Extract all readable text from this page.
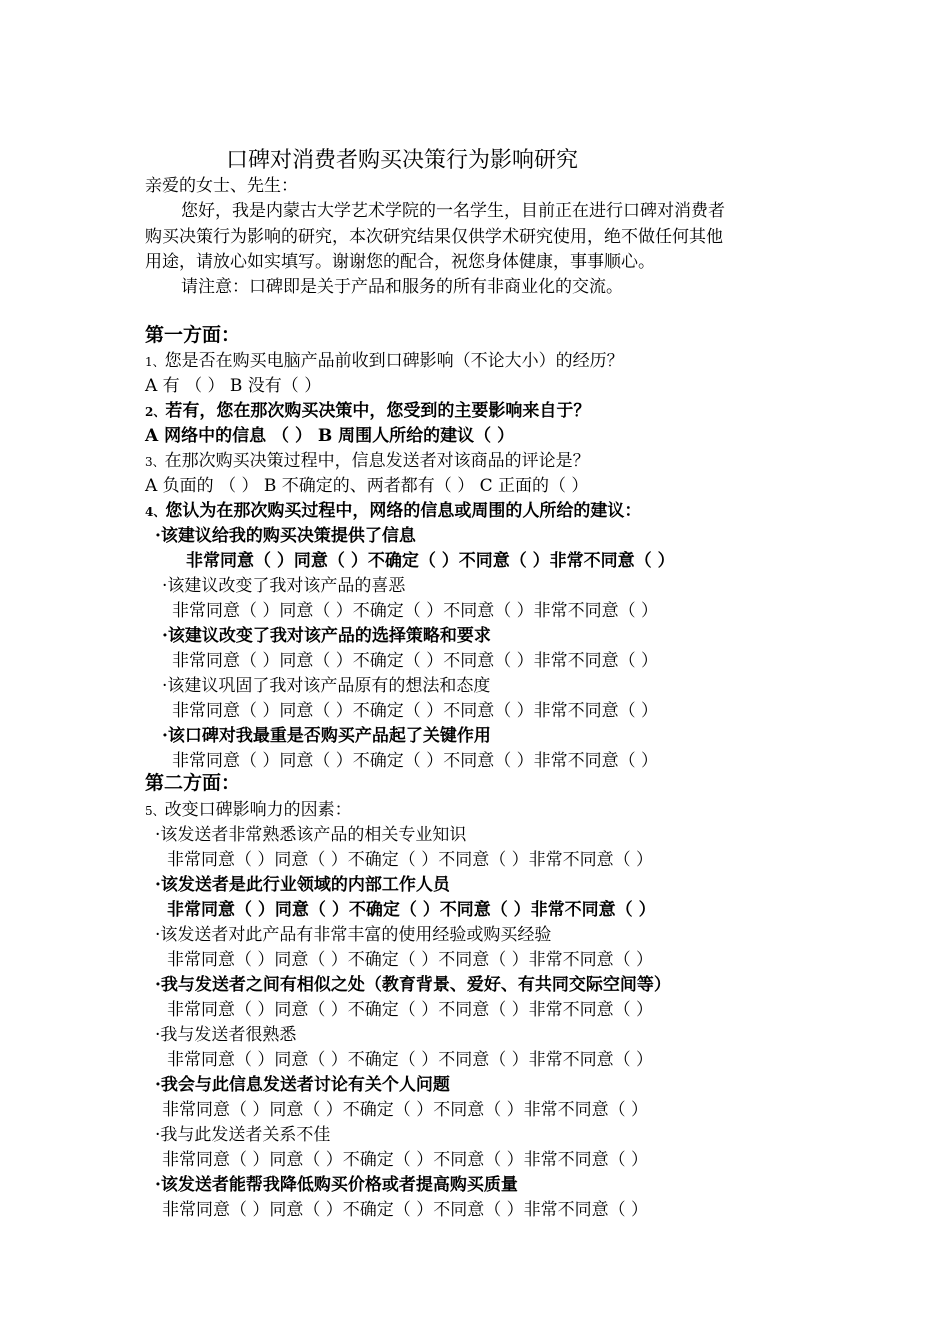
口碑对消费者购买决策行为影响研究
亲爱的女士、先生：
您好，我是内蒙古大学艺术学院的一名学生，目前正在进行口碑对消费者
购买决策行为影响的研究，本次研究结果仅供学术研究使用，绝不做任何其他
用途，请放心如实填写。谢谢您的配合，祝您身体健康，事事顺心。
请注意：口碑即是关于产品和服务的所有非商业化的交流。
第一方面：
1、您是否在购买电脑产品前收到口碑影响（不论大小）的经历？
A 有 （ ） B 没有（ ）
2、若有，您在那次购买决策中，您受到的主要影响来自于？
A 网络中的信息 （ ） B 周围人所给的建议（ ）
3、在那次购买决策过程中，信息发送者对该商品的评论是？
A 负面的 （ ） B 不确定的、两者都有（ ） C 正面的（ ）
4、您认为在那次购买过程中，网络的信息或周围的人所给的建议：
·该建议给我的购买决策提供了信息
非常同意（ ）同意（ ）不确定（ ）不同意（ ）非常不同意（ ）
·该建议改变了我对该产品的喜恶
非常同意（ ）同意（ ）不确定（ ）不同意（ ）非常不同意（ ）
·该建议改变了我对该产品的选择策略和要求
非常同意（ ）同意（ ）不确定（ ）不同意（ ）非常不同意（ ）
·该建议巩固了我对该产品原有的想法和态度
非常同意（ ）同意（ ）不确定（ ）不同意（ ）非常不同意（ ）
·该口碑对我最重是否购买产品起了关键作用
非常同意（ ）同意（ ）不确定（ ）不同意（ ）非常不同意（ ）
第二方面：
5、改变口碑影响力的因素：
·该发送者非常熟悉该产品的相关专业知识
非常同意（ ）同意（ ）不确定（ ）不同意（ ）非常不同意（ ）
·该发送者是此行业领域的内部工作人员
非常同意（ ）同意（ ）不确定（ ）不同意（ ）非常不同意（ ）
·该发送者对此产品有非常丰富的使用经验或购买经验
非常同意（ ）同意（ ）不确定（ ）不同意（ ）非常不同意（ ）
·我与发送者之间有相似之处（教育背景、爱好、有共同交际空间等）
非常同意（ ）同意（ ）不确定（ ）不同意（ ）非常不同意（ ）
·我与发送者很熟悉
非常同意（ ）同意（ ）不确定（ ）不同意（ ）非常不同意（ ）
·我会与此信息发送者讨论有关个人问题
非常同意（ ）同意（ ）不确定（ ）不同意（ ）非常不同意（ ）
·我与此发送者关系不佳
非常同意（ ）同意（ ）不确定（ ）不同意（ ）非常不同意（ ）
·该发送者能帮我降低购买价格或者提高购买质量
非常同意（ ）同意（ ）不确定（ ）不同意（ ）非常不同意（ ）
